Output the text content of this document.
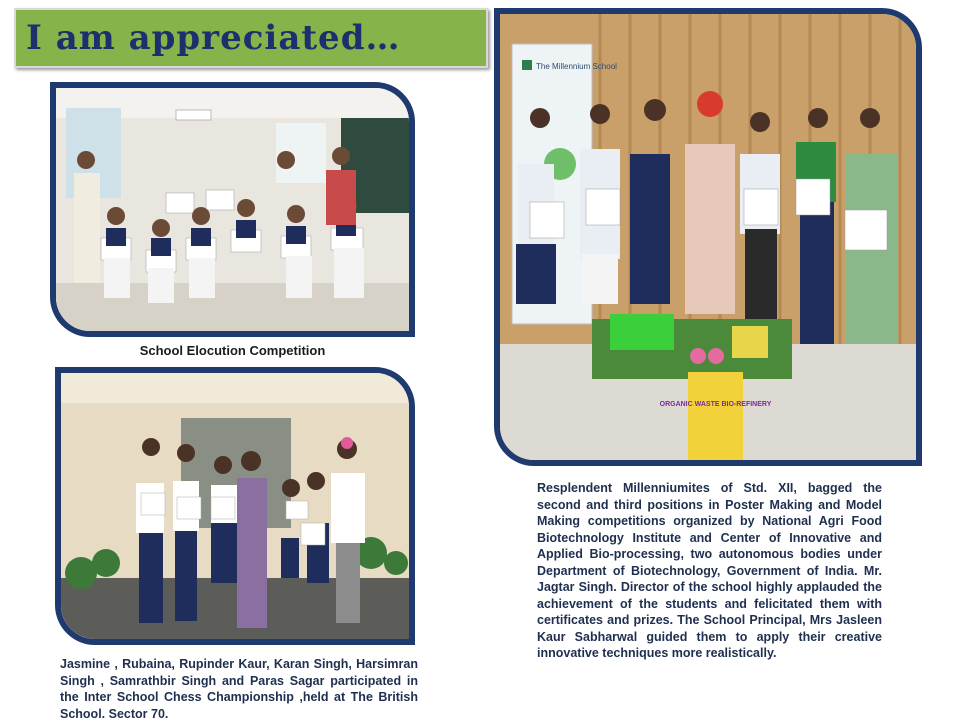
I am appreciated…
School Elocution Competition
Jasmine , Rubaina, Rupinder Kaur, Karan Singh, Harsimran Singh , Samrathbir Singh and Paras Sagar participated in the Inter School Chess Championship ,held at The British School. Sector 70.
The Millennium School
ORGANIC WASTE BIO-REFINERY
Resplendent Millenniumites of Std. XII, bagged the second and third positions in Poster Making and Model Making competitions organized by National Agri Food Biotechnology Institute and Center of Innovative and Applied Bio-processing, two autonomous bodies under Department of Biotechnology, Government of India. Mr. Jagtar Singh. Director of the school highly applauded the achievement of the students and felicitated them with certificates and prizes. The School Principal, Mrs Jasleen Kaur Sabharwal guided them to apply their creative innovative techniques more realistically.
